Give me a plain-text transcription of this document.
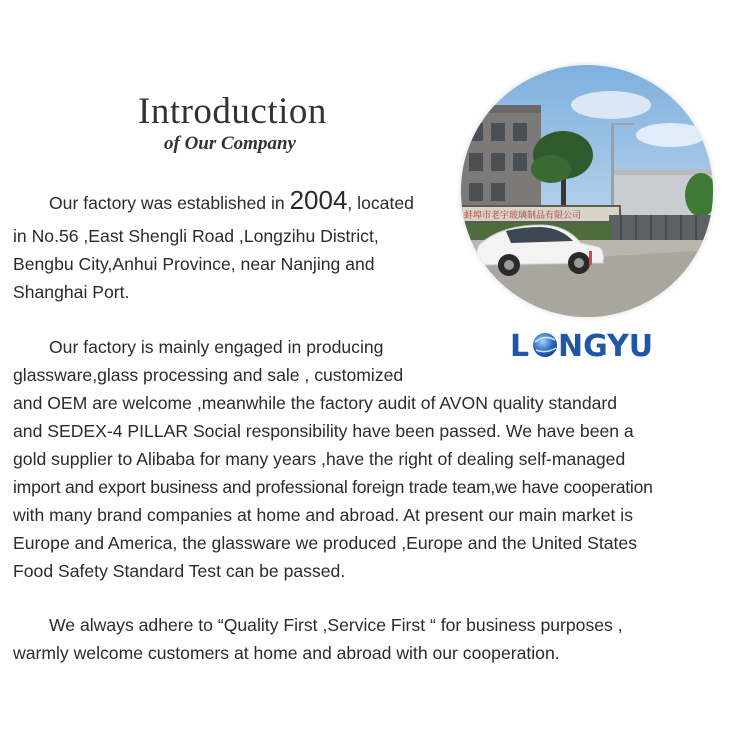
Introduction
of Our Company
蚌埠市老宇玻璃制品有限公司
L NGYU

Our factory was established in 2004, located

in No.56 ,East Shengli Road ,Longzihu District,

Bengbu City,Anhui Province, near Nanjing and

Shanghai Port.

Our factory is mainly engaged in producing

glassware,glass processing and sale , customized

and OEM are welcome ,meanwhile the factory audit of AVON quality standard

and SEDEX-4 PILLAR Social responsibility have been passed. We have been a

gold supplier to Alibaba for many years ,have the right of dealing self-managed

import and export business and professional foreign trade team,we have cooperation

with many brand companies at home and abroad. At present our main market is

Europe and America, the glassware we produced ,Europe and the United States

Food Safety Standard Test can be passed.

We always adhere to “Quality First ,Service First “ for business purposes ,

warmly welcome customers at home and abroad with our cooperation.
